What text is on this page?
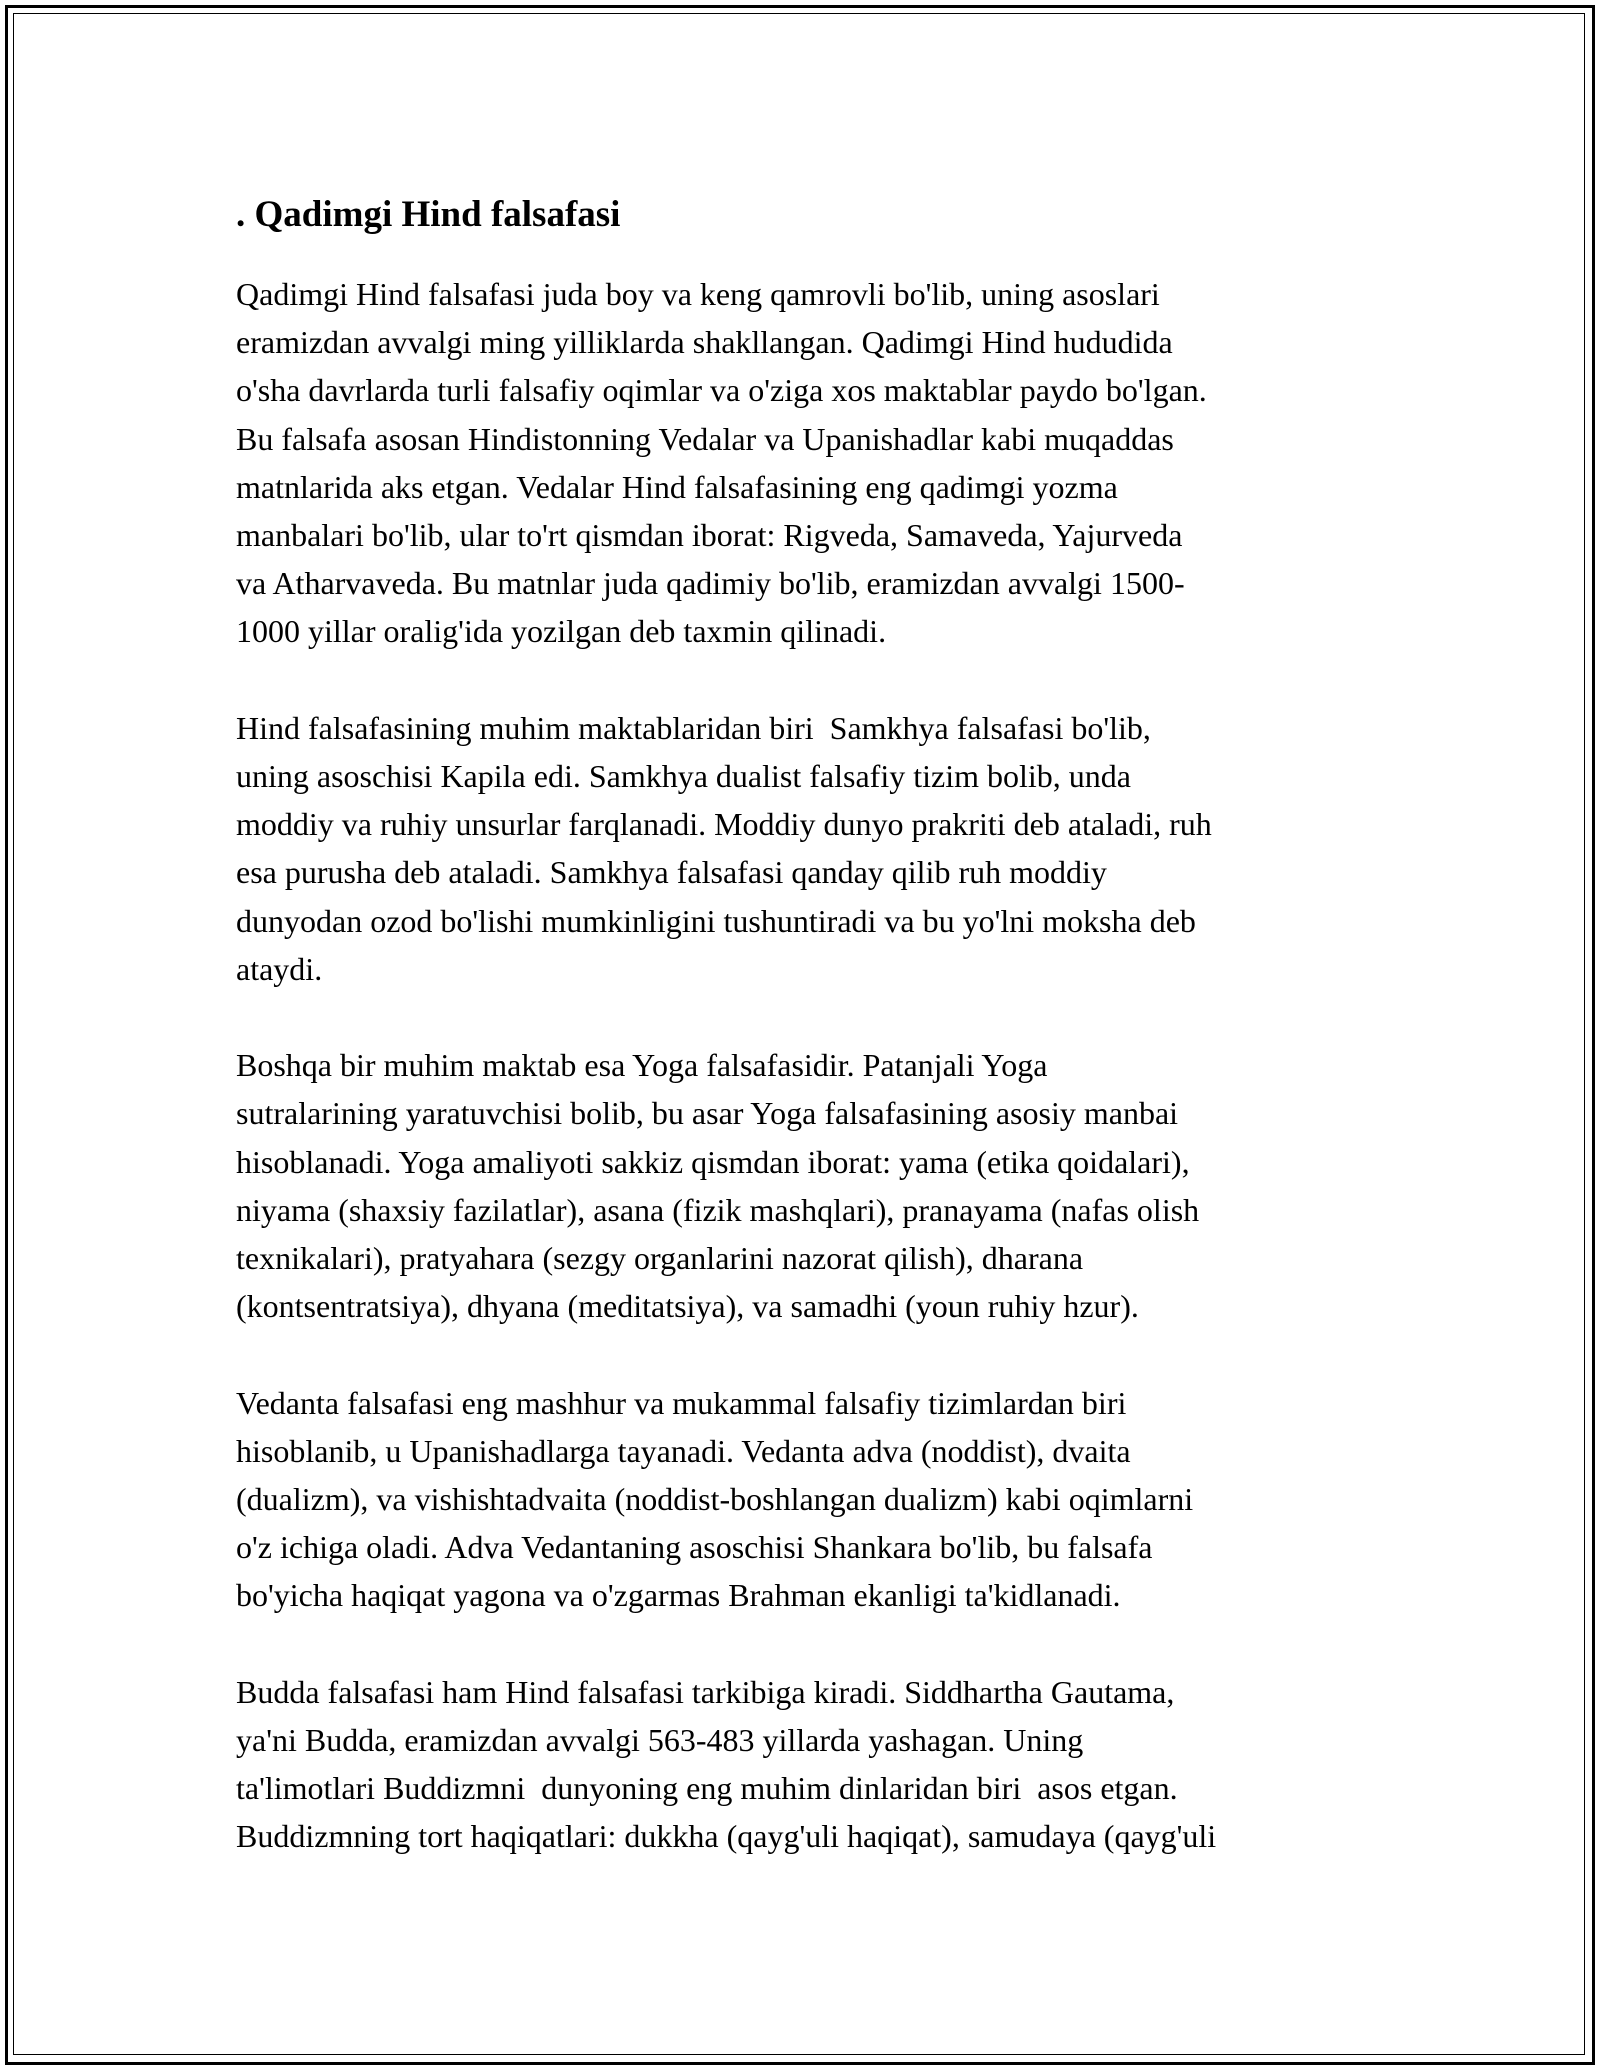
. Qadimgi Hind falsafasi
Qadimgi Hind falsafasi juda boy va keng qamrovli bo'lib, uning asoslari
eramizdan avvalgi ming yilliklarda shakllangan. Qadimgi Hind hududida
o'sha davrlarda turli falsafiy oqimlar va o'ziga xos maktablar paydo bo'lgan.
Bu falsafa asosan Hindistonning Vedalar va Upanishadlar kabi muqaddas
matnlarida aks etgan. Vedalar Hind falsafasining eng qadimgi yozma
manbalari bo'lib, ular to'rt qismdan iborat: Rigveda, Samaveda, Yajurveda
va Atharvaveda. Bu matnlar juda qadimiy bo'lib, eramizdan avvalgi 1500-
1000 yillar oralig'ida yozilgan deb taxmin qilinadi.
Hind falsafasining muhim maktablaridan biri  Samkhya falsafasi bo'lib,
uning asoschisi Kapila edi. Samkhya dualist falsafiy tizim bolib, unda
moddiy va ruhiy unsurlar farqlanadi. Moddiy dunyo prakriti deb ataladi, ruh
esa purusha deb ataladi. Samkhya falsafasi qanday qilib ruh moddiy
dunyodan ozod bo'lishi mumkinligini tushuntiradi va bu yo'lni moksha deb
ataydi.
Boshqa bir muhim maktab esa Yoga falsafasidir. Patanjali Yoga
sutralarining yaratuvchisi bolib, bu asar Yoga falsafasining asosiy manbai
hisoblanadi. Yoga amaliyoti sakkiz qismdan iborat: yama (etika qoidalari),
niyama (shaxsiy fazilatlar), asana (fizik mashqlari), pranayama (nafas olish
texnikalari), pratyahara (sezgy organlarini nazorat qilish), dharana
(kontsentratsiya), dhyana (meditatsiya), va samadhi (youn ruhiy hzur).
Vedanta falsafasi eng mashhur va mukammal falsafiy tizimlardan biri
hisoblanib, u Upanishadlarga tayanadi. Vedanta adva (noddist), dvaita
(dualizm), va vishishtadvaita (noddist-boshlangan dualizm) kabi oqimlarni
o'z ichiga oladi. Adva Vedantaning asoschisi Shankara bo'lib, bu falsafa
bo'yicha haqiqat yagona va o'zgarmas Brahman ekanligi ta'kidlanadi.
Budda falsafasi ham Hind falsafasi tarkibiga kiradi. Siddhartha Gautama,
ya'ni Budda, eramizdan avvalgi 563-483 yillarda yashagan. Uning
ta'limotlari Buddizmni  dunyoning eng muhim dinlaridan biri  asos etgan.
Buddizmning tort haqiqatlari: dukkha (qayg'uli haqiqat), samudaya (qayg'uli
